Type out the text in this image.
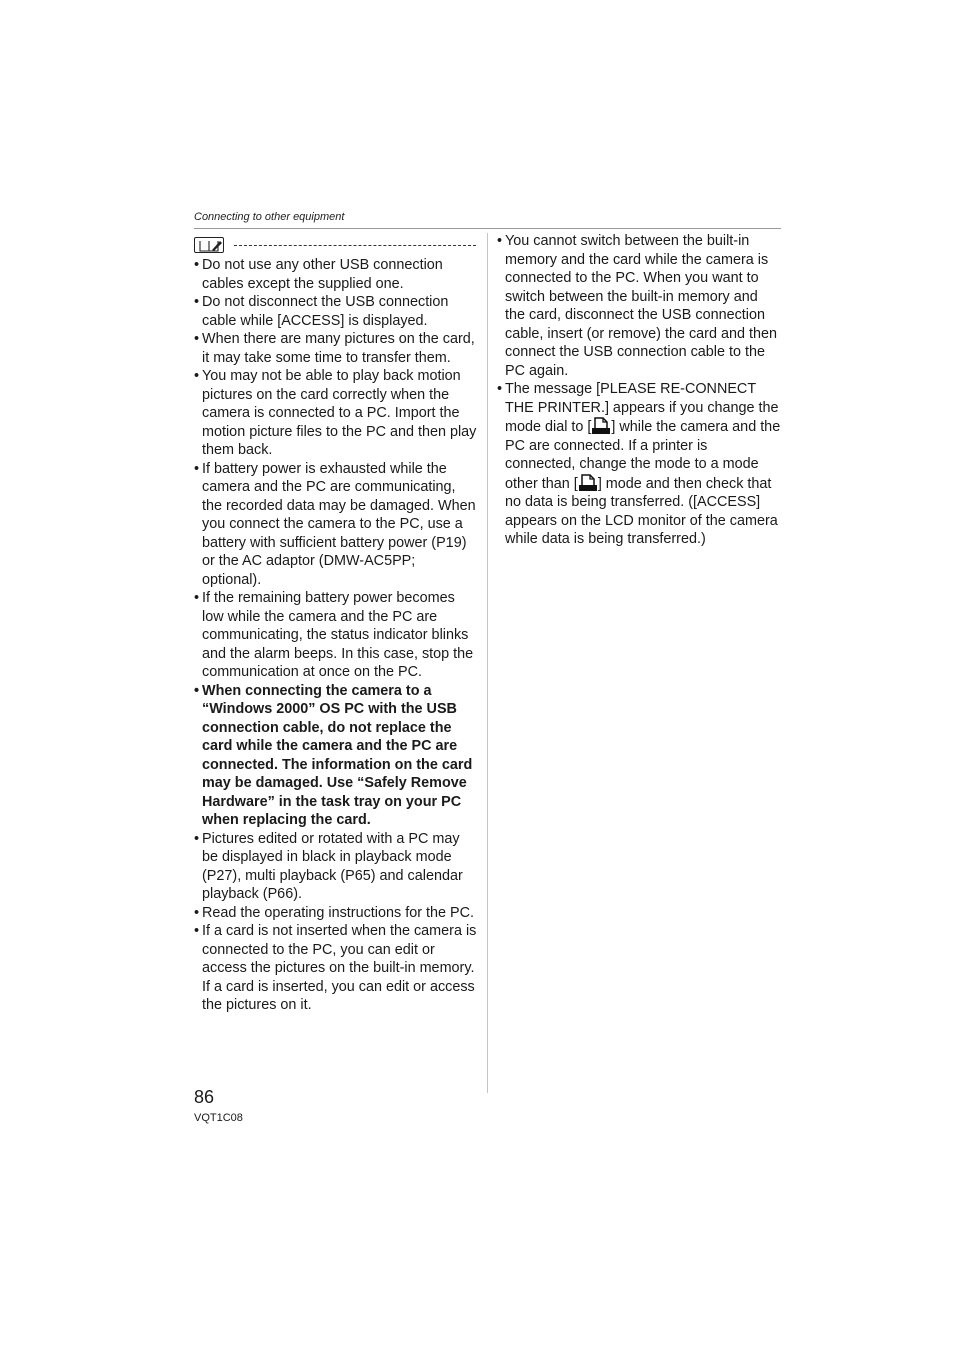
Connecting to other equipment

• Do not use any other USB connection cables except the supplied one.

• Do not disconnect the USB connection cable while [ACCESS] is displayed.

• When there are many pictures on the card, it may take some time to transfer them.

• You may not be able to play back motion pictures on the card correctly when the camera is connected to a PC. Import the motion picture files to the PC and then play them back.

• If battery power is exhausted while the camera and the PC are communicating, the recorded data may be damaged. When you connect the camera to the PC, use a battery with sufficient battery power (P19) or the AC adaptor (DMW-AC5PP; optional).

• If the remaining battery power becomes low while the camera and the PC are communicating, the status indicator blinks and the alarm beeps. In this case, stop the communication at once on the PC.

• When connecting the camera to a “Windows 2000” OS PC with the USB connection cable, do not replace the card while the camera and the PC are connected. The information on the card may be damaged. Use “Safely Remove Hardware” in the task tray on your PC when replacing the card.

• Pictures edited or rotated with a PC may be displayed in black in playback mode (P27), multi playback (P65) and calendar playback (P66).

• Read the operating instructions for the PC.

• If a card is not inserted when the camera is connected to the PC, you can edit or access the pictures on the built-in memory. If a card is inserted, you can edit or access the pictures on it.

• You cannot switch between the built-in memory and the card while the camera is connected to the PC. When you want to switch between the built-in memory and the card, disconnect the USB connection cable, insert (or remove) the card and then connect the USB connection cable to the PC again.

• The message [PLEASE RE-CONNECT THE PRINTER.] appears if you change the mode dial to [ ] while the camera and the PC are connected. If a printer is connected, change the mode to a mode other than [ ] mode and then check that no data is being transferred. ([ACCESS] appears on the LCD monitor of the camera while data is being transferred.)

86
VQT1C08
